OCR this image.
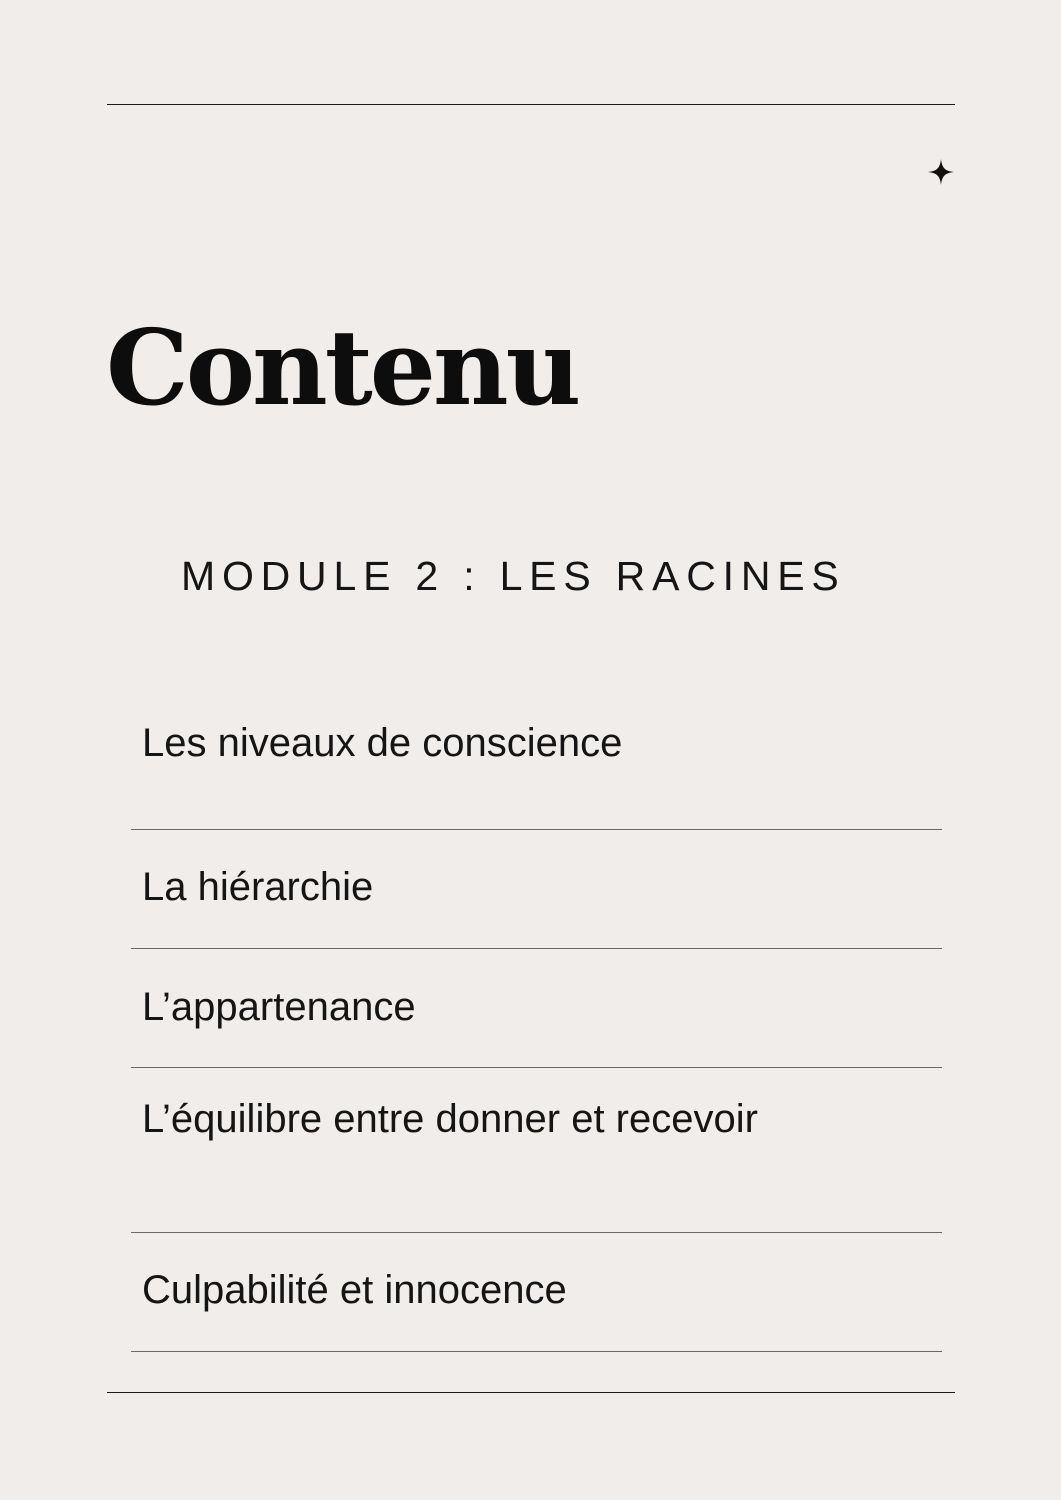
Contenu
MODULE 2 : LES RACINES
Les niveaux de conscience
La hiérarchie
L’appartenance
L’équilibre entre donner et recevoir
Culpabilité et innocence
